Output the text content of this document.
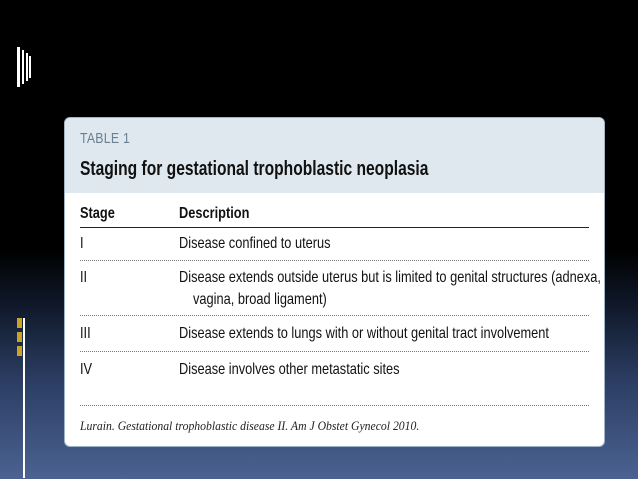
TABLE 1
Staging for gestational trophoblastic neoplasia
Stage	Description
I	Disease confined to uterus
II	Disease extends outside uterus but is limited to genital structures (adnexa,
vagina, broad ligament)
III	Disease extends to lungs with or without genital tract involvement
IV	Disease involves other metastatic sites
Lurain. Gestational trophoblastic disease II. Am J Obstet Gynecol 2010.
